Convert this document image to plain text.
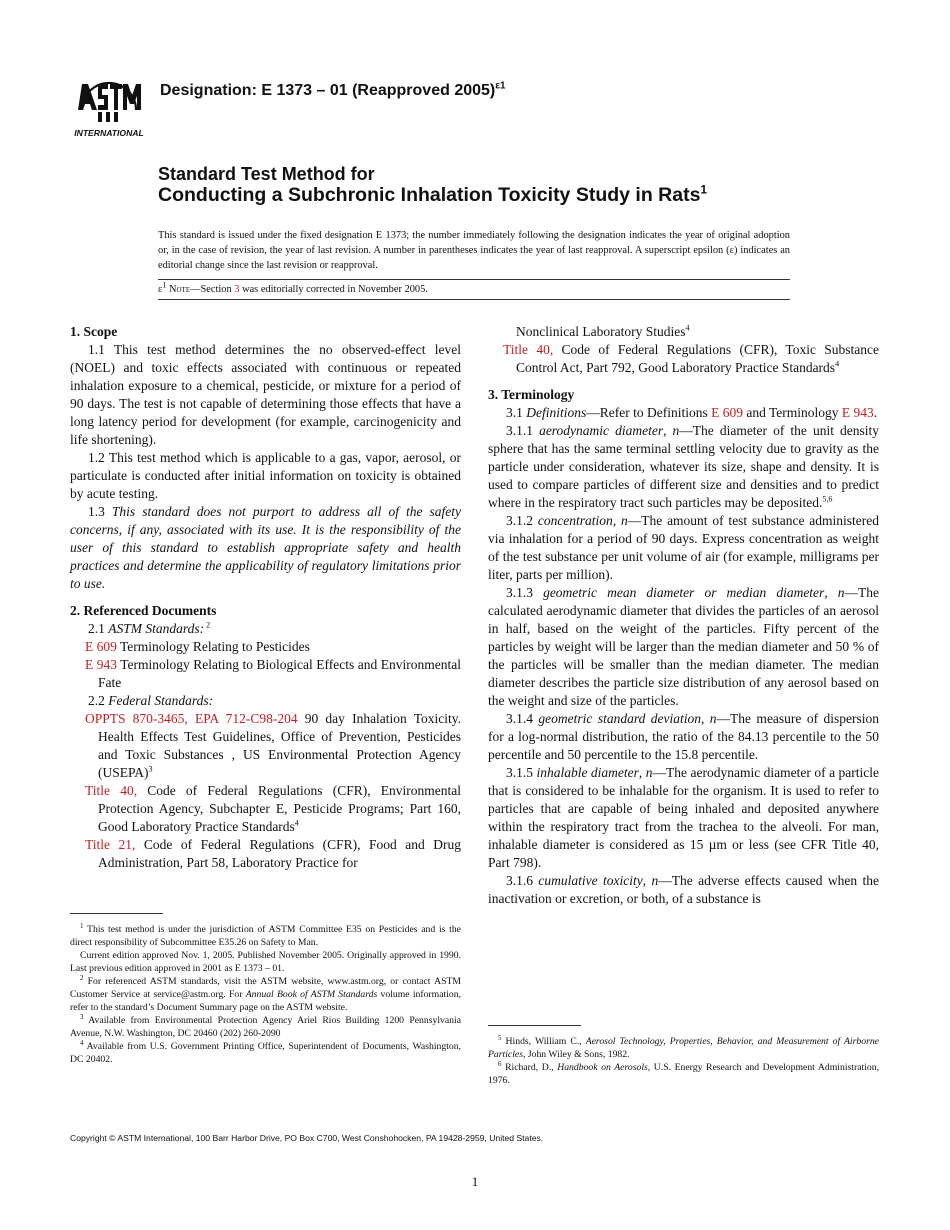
INTERNATIONAL
Designation: E 1373 – 01 (Reapproved 2005)$^{\varepsilon 1}$
Standard Test Method for
Conducting a Subchronic Inhalation Toxicity Study in Rats$^1$
This standard is issued under the fixed designation E 1373; the number immediately following the designation indicates the year of original adoption or, in the case of revision, the year of last revision. A number in parentheses indicates the year of last reapproval. A superscript epsilon (ε) indicates an editorial change since the last revision or reapproval.
$\varepsilon^1$ Note—Section 3 was editorially corrected in November 2005.
1. Scope

1.1 This test method determines the no observed-effect level (NOEL) and toxic effects associated with continuous or repeated inhalation exposure to a chemical, pesticide, or mixture for a period of 90 days. The test is not capable of determining those effects that have a long latency period for development (for example, carcinogenicity and life shortening).

1.2 This test method which is applicable to a gas, vapor, aerosol, or particulate is conducted after initial information on toxicity is obtained by acute testing.

1.3 This standard does not purport to address all of the safety concerns, if any, associated with its use. It is the responsibility of the user of this standard to establish appropriate safety and health practices and determine the applicability of regulatory limitations prior to use.

2. Referenced Documents

2.1 ASTM Standards: $^2$

E 609 Terminology Relating to Pesticides

E 943 Terminology Relating to Biological Effects and Environmental Fate

2.2 Federal Standards:

OPPTS 870-3465, EPA 712-C98-204 90 day Inhalation Toxicity. Health Effects Test Guidelines, Office of Prevention, Pesticides and Toxic Substances , US Environmental Protection Agency (USEPA)$^3$

Title 40, Code of Federal Regulations (CFR), Environmental Protection Agency, Subchapter E, Pesticide Programs; Part 160, Good Laboratory Practice Standards$^4$

Title 21, Code of Federal Regulations (CFR), Food and Drug Administration, Part 58, Laboratory Practice for

Nonclinical Laboratory Studies$^4$

Title 40, Code of Federal Regulations (CFR), Toxic Substance Control Act, Part 792, Good Laboratory Practice Standards$^4$

3. Terminology

3.1 Definitions—Refer to Definitions E 609 and Terminology E 943.

3.1.1 aerodynamic diameter, n—The diameter of the unit density sphere that has the same terminal settling velocity due to gravity as the particle under consideration, whatever its size, shape and density. It is used to compare particles of different size and densities and to predict where in the respiratory tract such particles may be deposited.$^{5,6}$

3.1.2 concentration, n—The amount of test substance administered via inhalation for a period of 90 days. Express concentration as weight of the test substance per unit volume of air (for example, milligrams per liter, parts per million).

3.1.3 geometric mean diameter or median diameter, n—The calculated aerodynamic diameter that divides the particles of an aerosol in half, based on the weight of the particles. Fifty percent of the particles by weight will be larger than the median diameter and 50 % of the particles will be smaller than the median diameter. The median diameter describes the particle size distribution of any aerosol based on the weight and size of the particles.

3.1.4 geometric standard deviation, n—The measure of dispersion for a log-normal distribution, the ratio of the 84.13 percentile to the 50 percentile and 50 percentile to the 15.8 percentile.

3.1.5 inhalable diameter, n—The aerodynamic diameter of a particle that is considered to be inhalable for the organism. It is used to refer to particles that are capable of being inhaled and deposited anywhere within the respiratory tract from the trachea to the alveoli. For man, inhalable diameter is considered as 15 µm or less (see CFR Title 40, Part 798).

3.1.6 cumulative toxicity, n—The adverse effects caused when the inactivation or excretion, or both, of a substance is

$^1$ This test method is under the jurisdiction of ASTM Committee E35 on Pesticides and is the direct responsibility of Subcommittee E35.26 on Safety to Man.

Current edition approved Nov. 1, 2005. Published November 2005. Originally approved in 1990. Last previous edition approved in 2001 as E 1373 – 01.

$^2$ For referenced ASTM standards, visit the ASTM website, www.astm.org, or contact ASTM Customer Service at service@astm.org. For Annual Book of ASTM Standards volume information, refer to the standard’s Document Summary page on the ASTM website.

$^3$ Available from Environmental Protection Agency Ariel Rios Building 1200 Pennsylvania Avenue, N.W. Washington, DC 20460 (202) 260-2090

$^4$ Available from U.S. Government Printing Office, Superintendent of Documents, Washington, DC 20402.

$^5$ Hinds, William C., Aerosol Technology, Properties, Behavior, and Measurement of Airborne Particles, John Wiley & Sons, 1982.

$^6$ Richard, D., Handbook on Aerosols, U.S. Energy Research and Development Administration, 1976.

Copyright © ASTM International, 100 Barr Harbor Drive, PO Box C700, West Conshohocken, PA 19428-2959, United States.
1
